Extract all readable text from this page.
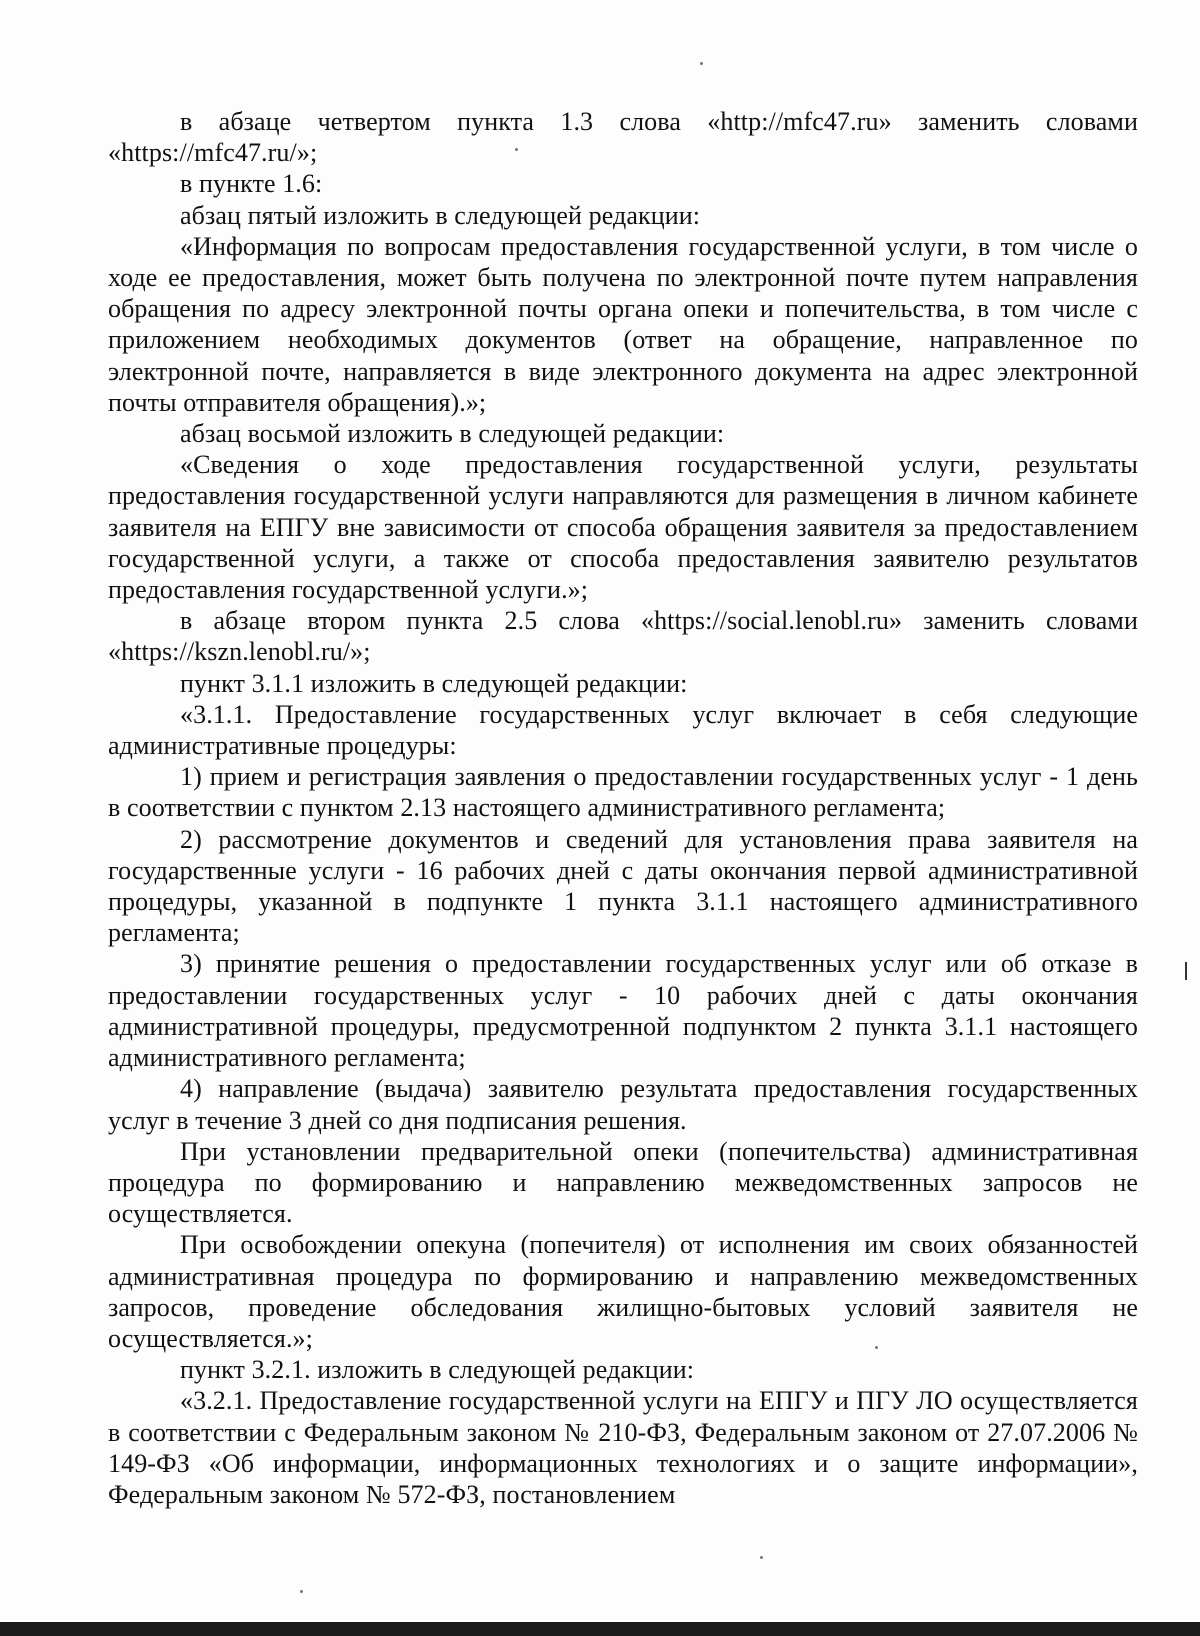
в абзаце четвертом пункта 1.3 слова «http://mfc47.ru» заменить словами «https://mfc47.ru/»;

в пункте 1.6:

абзац пятый изложить в следующей редакции:

«Информация по вопросам предоставления государственной услуги, в том числе о ходе ее предоставления, может быть получена по электронной почте путем направления обращения по адресу электронной почты органа опеки и попечительства, в том числе с приложением необходимых документов (ответ на обращение, направленное по электронной почте, направляется в виде электронного документа на адрес электронной почты отправителя обращения).»;

абзац восьмой изложить в следующей редакции:

«Сведения о ходе предоставления государственной услуги, результаты предоставления государственной услуги направляются для размещения в личном кабинете заявителя на ЕПГУ вне зависимости от способа обращения заявителя за предоставлением государственной услуги, а также от способа предоставления заявителю результатов предоставления государственной услуги.»;

в абзаце втором пункта 2.5 слова «https://social.lenobl.ru» заменить словами «https://kszn.lenobl.ru/»;

пункт 3.1.1 изложить в следующей редакции:

«3.1.1. Предоставление государственных услуг включает в себя следующие административные процедуры:

1) прием и регистрация заявления о предоставлении государственных услуг - 1 день в соответствии с пунктом 2.13 настоящего административного регламента;

2) рассмотрение документов и сведений для установления права заявителя на государственные услуги - 16 рабочих дней с даты окончания первой административной процедуры, указанной в подпункте 1 пункта 3.1.1 настоящего административного регламента;

3) принятие решения о предоставлении государственных услуг или об отказе в предоставлении государственных услуг - 10 рабочих дней с даты окончания административной процедуры, предусмотренной подпунктом 2 пункта 3.1.1 настоящего административного регламента;

4) направление (выдача) заявителю результата предоставления государственных услуг в течение 3 дней со дня подписания решения.

При установлении предварительной опеки (попечительства) административная процедура по формированию и направлению межведомственных запросов не осуществляется.

При освобождении опекуна (попечителя) от исполнения им своих обязанностей административная процедура по формированию и направлению межведомственных запросов, проведение обследования жилищно-бытовых условий заявителя не осуществляется.»;

пункт 3.2.1. изложить в следующей редакции:

«3.2.1. Предоставление государственной услуги на ЕПГУ и ПГУ ЛО осуществляется в соответствии с Федеральным законом № 210-ФЗ, Федеральным законом от 27.07.2006 № 149-ФЗ «Об информации, информационных технологиях и о защите информации», Федеральным законом № 572-ФЗ, постановлением
